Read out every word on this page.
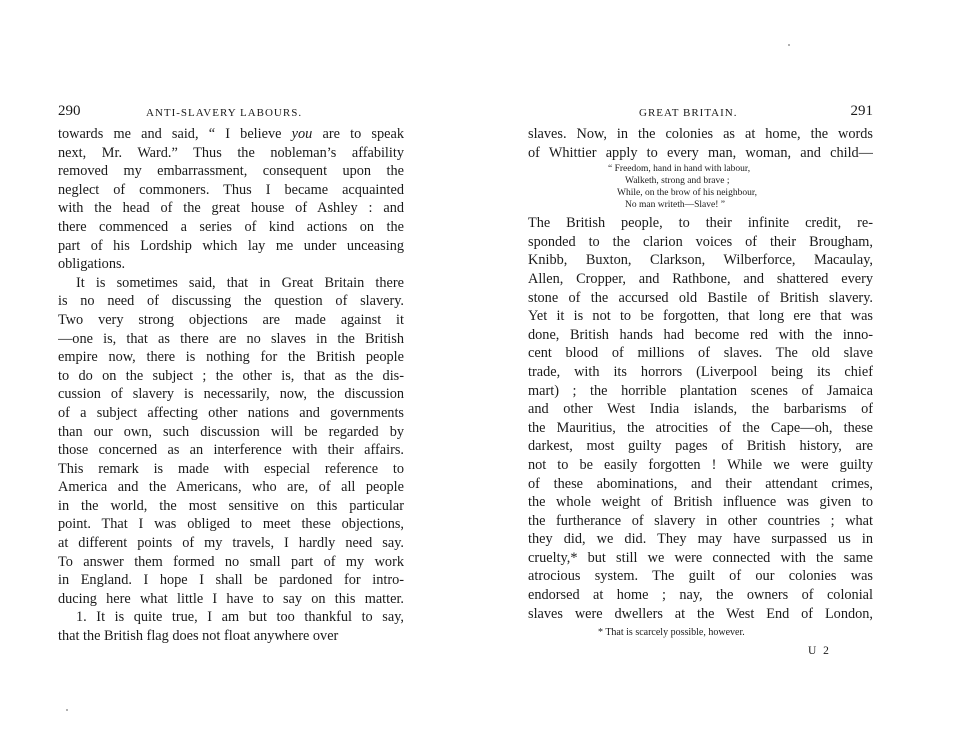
290	ANTI-SLAVERY LABOURS.
towards me and said, “ I believe you are to speak
next, Mr. Ward.” Thus the nobleman’s affability
removed my embarrassment, consequent upon the
neglect of commoners. Thus I became acquainted
with the head of the great house of Ashley : and
there commenced a series of kind actions on the
part of his Lordship which lay me under unceasing
obligations.
It is sometimes said, that in Great Britain there
is no need of discussing the question of slavery.
Two very strong objections are made against it
—one is, that as there are no slaves in the British
empire now, there is nothing for the British people
to do on the subject ; the other is, that as the dis-
cussion of slavery is necessarily, now, the discussion
of a subject affecting other nations and governments
than our own, such discussion will be regarded by
those concerned as an interference with their affairs.
This remark is made with especial reference to
America and the Americans, who are, of all people
in the world, the most sensitive on this particular
point. That I was obliged to meet these objections,
at different points of my travels, I hardly need say.
To answer them formed no small part of my work
in England. I hope I shall be pardoned for intro-
ducing here what little I have to say on this matter.
1. It is quite true, I am but too thankful to say,
that the British flag does not float anywhere over
GREAT BRITAIN.	291
slaves. Now, in the colonies as at home, the words
of Whittier apply to every man, woman, and child—
“ Freedom, hand in hand with labour,
Walketh, strong and brave ;
While, on the brow of his neighbour,
No man writeth—Slave! ”
The British people, to their infinite credit, re-
sponded to the clarion voices of their Brougham,
Knibb, Buxton, Clarkson, Wilberforce, Macaulay,
Allen, Cropper, and Rathbone, and shattered every
stone of the accursed old Bastile of British slavery.
Yet it is not to be forgotten, that long ere that was
done, British hands had become red with the inno-
cent blood of millions of slaves. The old slave
trade, with its horrors (Liverpool being its chief
mart) ; the horrible plantation scenes of Jamaica
and other West India islands, the barbarisms of
the Mauritius, the atrocities of the Cape—oh, these
darkest, most guilty pages of British history, are
not to be easily forgotten ! While we were guilty
of these abominations, and their attendant crimes,
the whole weight of British influence was given to
the furtherance of slavery in other countries ; what
they did, we did. They may have surpassed us in
cruelty,* but still we were connected with the same
atrocious system. The guilt of our colonies was
endorsed at home ; nay, the owners of colonial
slaves were dwellers at the West End of London,
* That is scarcely possible, however.
U 2
